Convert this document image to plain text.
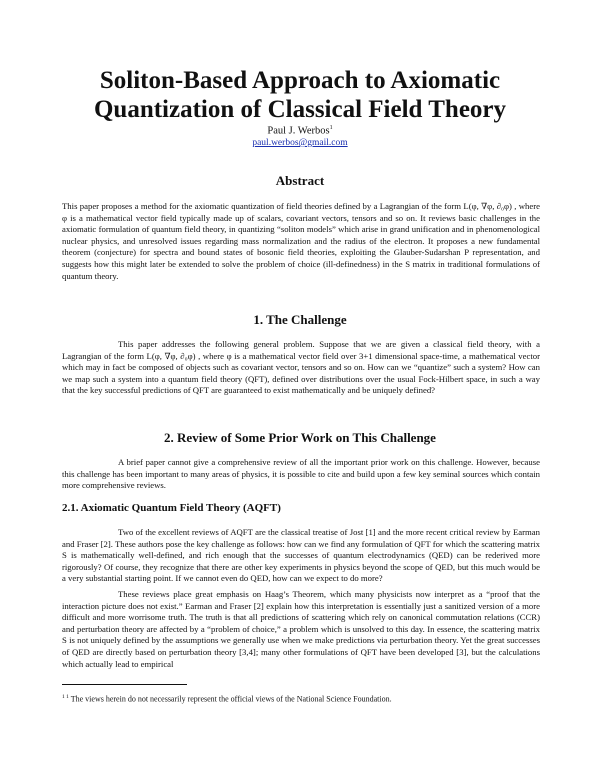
Soliton-Based Approach to Axiomatic Quantization of Classical Field Theory
Paul J. Werbos$^1$
paul.werbos@gmail.com
Abstract

This paper proposes a method for the axiomatic quantization of field theories defined by a Lagrangian of the form L(φ, ∇φ, ∂₀φ) , where φ is a mathematical vector field typically made up of scalars, covariant vectors, tensors and so on. It reviews basic challenges in the axiomatic formulation of quantum field theory, in quantizing “soliton models” which arise in grand unification and in phenomenological nuclear physics, and unresolved issues regarding mass normalization and the radius of the electron. It proposes a new fundamental theorem (conjecture) for spectra and bound states of bosonic field theories, exploiting the Glauber-Sudarshan P representation, and suggests how this might later be extended to solve the problem of choice (ill-definedness) in the S matrix in traditional formulations of quantum theory.

1. The Challenge

This paper addresses the following general problem. Suppose that we are given a classical field theory, with a Lagrangian of the form L(φ, ∇φ, ∂₀φ) , where φ is a mathematical vector field over 3+1 dimensional space-time, a mathematical vector which may in fact be composed of objects such as covariant vector, tensors and so on. How can we “quantize” such a system? How can we map such a system into a quantum field theory (QFT), defined over distributions over the usual Fock-Hilbert space, in such a way that the key successful predictions of QFT are guaranteed to exist mathematically and be uniquely defined?

2. Review of Some Prior Work on This Challenge

A brief paper cannot give a comprehensive review of all the important prior work on this challenge. However, because this challenge has been important to many areas of physics, it is possible to cite and build upon a few key seminal sources which contain more comprehensive reviews.

2.1. Axiomatic Quantum Field Theory (AQFT)

Two of the excellent reviews of AQFT are the classical treatise of Jost [1] and the more recent critical review by Earman and Fraser [2]. These authors pose the key challenge as follows: how can we find any formulation of QFT for which the scattering matrix S is mathematically well-defined, and rich enough that the successes of quantum electrodynamics (QED) can be rederived more rigorously? Of course, they recognize that there are other key experiments in physics beyond the scope of QED, but this much would be a very substantial starting point. If we cannot even do QED, how can we expect to do more?

These reviews place great emphasis on Haag’s Theorem, which many physicists now interpret as a “proof that the interaction picture does not exist.” Earman and Fraser [2] explain how this interpretation is essentially just a sanitized version of a more difficult and more worrisome truth. The truth is that all predictions of scattering which rely on canonical commutation relations (CCR) and perturbation theory are affected by a “problem of choice,” a problem which is unsolved to this day. In essence, the scattering matrix S is not uniquely defined by the assumptions we generally use when we make predictions via perturbation theory. Yet the great successes of QED are directly based on perturbation theory [3,4]; many other formulations of QFT have been developed [3], but the calculations which actually lead to empirical

$^{1 1}$ The views herein do not necessarily represent the official views of the National Science Foundation.
